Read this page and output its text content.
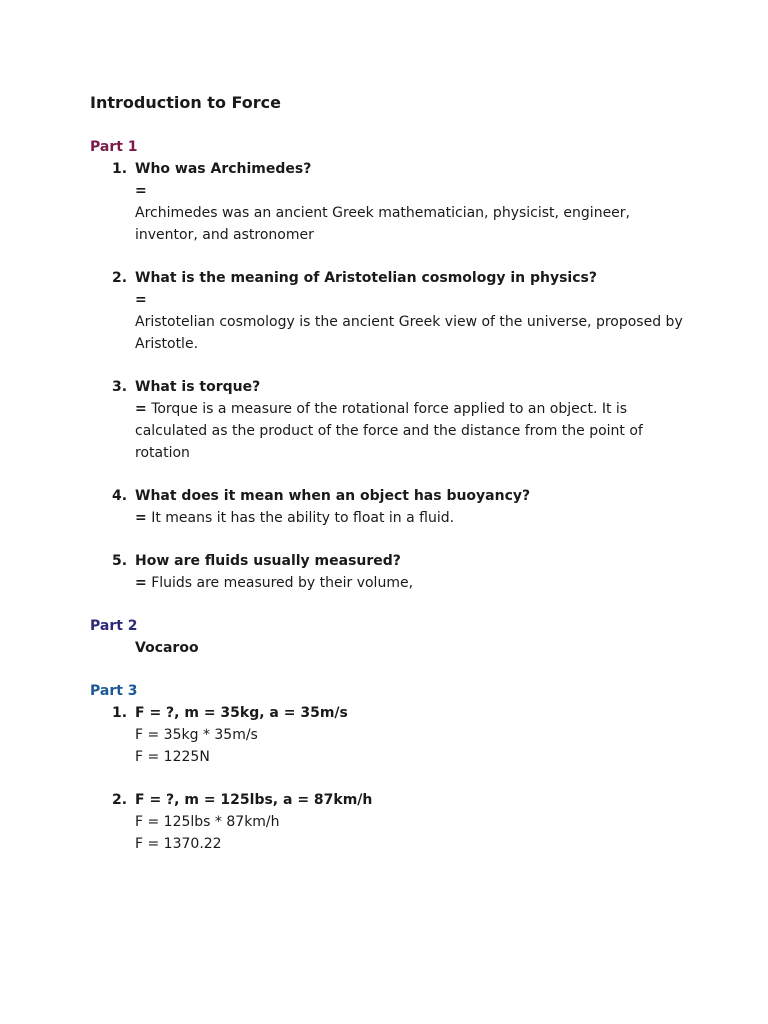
Introduction to Force
Part 1
1. Who was Archimedes?
=
Archimedes was an ancient Greek mathematician, physicist, engineer, inventor, and astronomer
2. What is the meaning of Aristotelian cosmology in physics?
=
Aristotelian cosmology is the ancient Greek view of the universe, proposed by Aristotle.
3. What is torque?
= Torque is a measure of the rotational force applied to an object. It is calculated as the product of the force and the distance from the point of rotation
4. What does it mean when an object has buoyancy?
= It means it has the ability to float in a fluid.
5. How are fluids usually measured?
= Fluids are measured by their volume,
Part 2
Vocaroo
Part 3
1. F = ?, m = 35kg, a = 35m/s
F = 35kg * 35m/s
F = 1225N
2. F = ?, m = 125lbs, a = 87km/h
F = 125lbs * 87km/h
F = 1370.22
